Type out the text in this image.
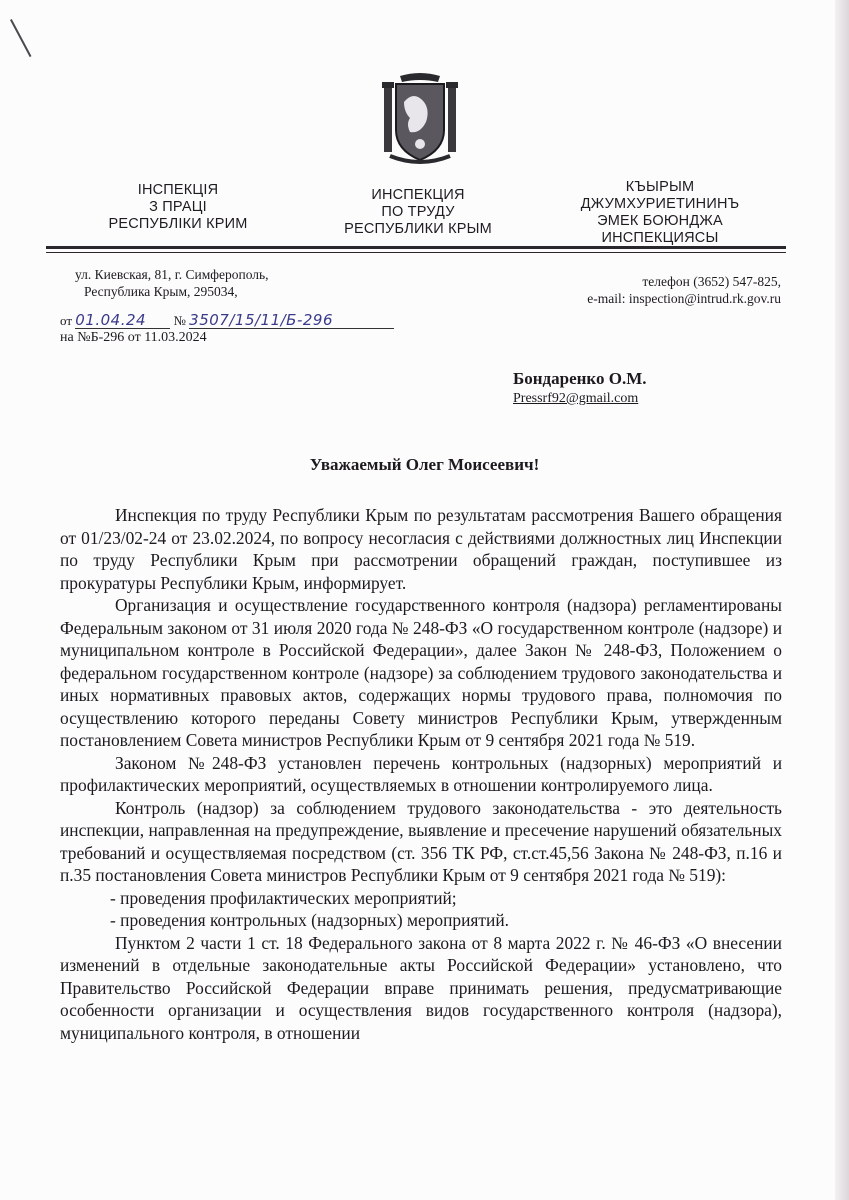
ІНСПЕКЦІЯ
З ПРАЦІ
РЕСПУБЛІКИ КРИМ
ИНСПЕКЦИЯ
ПО ТРУДУ
РЕСПУБЛИКИ КРЫМ
КЪЫРЫМ
ДЖУМХУРИЕТИНИНЪ
ЭМЕК БОЮНДЖА
ИНСПЕКЦИЯСЫ
ул. Киевская, 81, г. Симферополь,
Республика Крым, 295034,
телефон (3652) 547-825,
e-mail: inspection@intrud.rk.gov.ru
от 01.04.24 № 3507/15/11/Б-296
на №Б-296 от 11.03.2024
Бондаренко О.М.
Pressrf92@gmail.com
Уважаемый Олег Моисеевич!

Инспекция по труду Республики Крым по результатам рассмотрения Вашего обращения от 01/23/02-24 от 23.02.2024, по вопросу несогласия с действиями должностных лиц Инспекции по труду Республики Крым при рассмотрении обращений граждан, поступившее из прокуратуры Республики Крым, информирует.

Организация и осуществление государственного контроля (надзора) регламентированы Федеральным законом от 31 июля 2020 года № 248-ФЗ «О государственном контроле (надзоре) и муниципальном контроле в Российской Федерации», далее Закон № 248-ФЗ, Положением о федеральном государственном контроле (надзоре) за соблюдением трудового законодательства и иных нормативных правовых актов, содержащих нормы трудового права, полномочия по осуществлению которого переданы Совету министров Республики Крым, утвержденным постановлением Совета министров Республики Крым от 9 сентября 2021 года № 519.

Законом №248-ФЗ установлен перечень контрольных (надзорных) мероприятий и профилактических мероприятий, осуществляемых в отношении контролируемого лица.

Контроль (надзор) за соблюдением трудового законодательства - это деятельность инспекции, направленная на предупреждение, выявление и пресечение нарушений обязательных требований и осуществляемая посредством (ст. 356 ТК РФ, ст.ст.45,56 Закона № 248-ФЗ, п.16 и п.35 постановления Совета министров Республики Крым от 9 сентября 2021 года № 519):

- проведения профилактических мероприятий;

- проведения контрольных (надзорных) мероприятий.

Пунктом 2 части 1 ст. 18 Федерального закона от 8 марта 2022 г. № 46-ФЗ «О внесении изменений в отдельные законодательные акты Российской Федерации» установлено, что Правительство Российской Федерации вправе принимать решения, предусматривающие особенности организации и осуществления видов государственного контроля (надзора), муниципального контроля, в отношении
